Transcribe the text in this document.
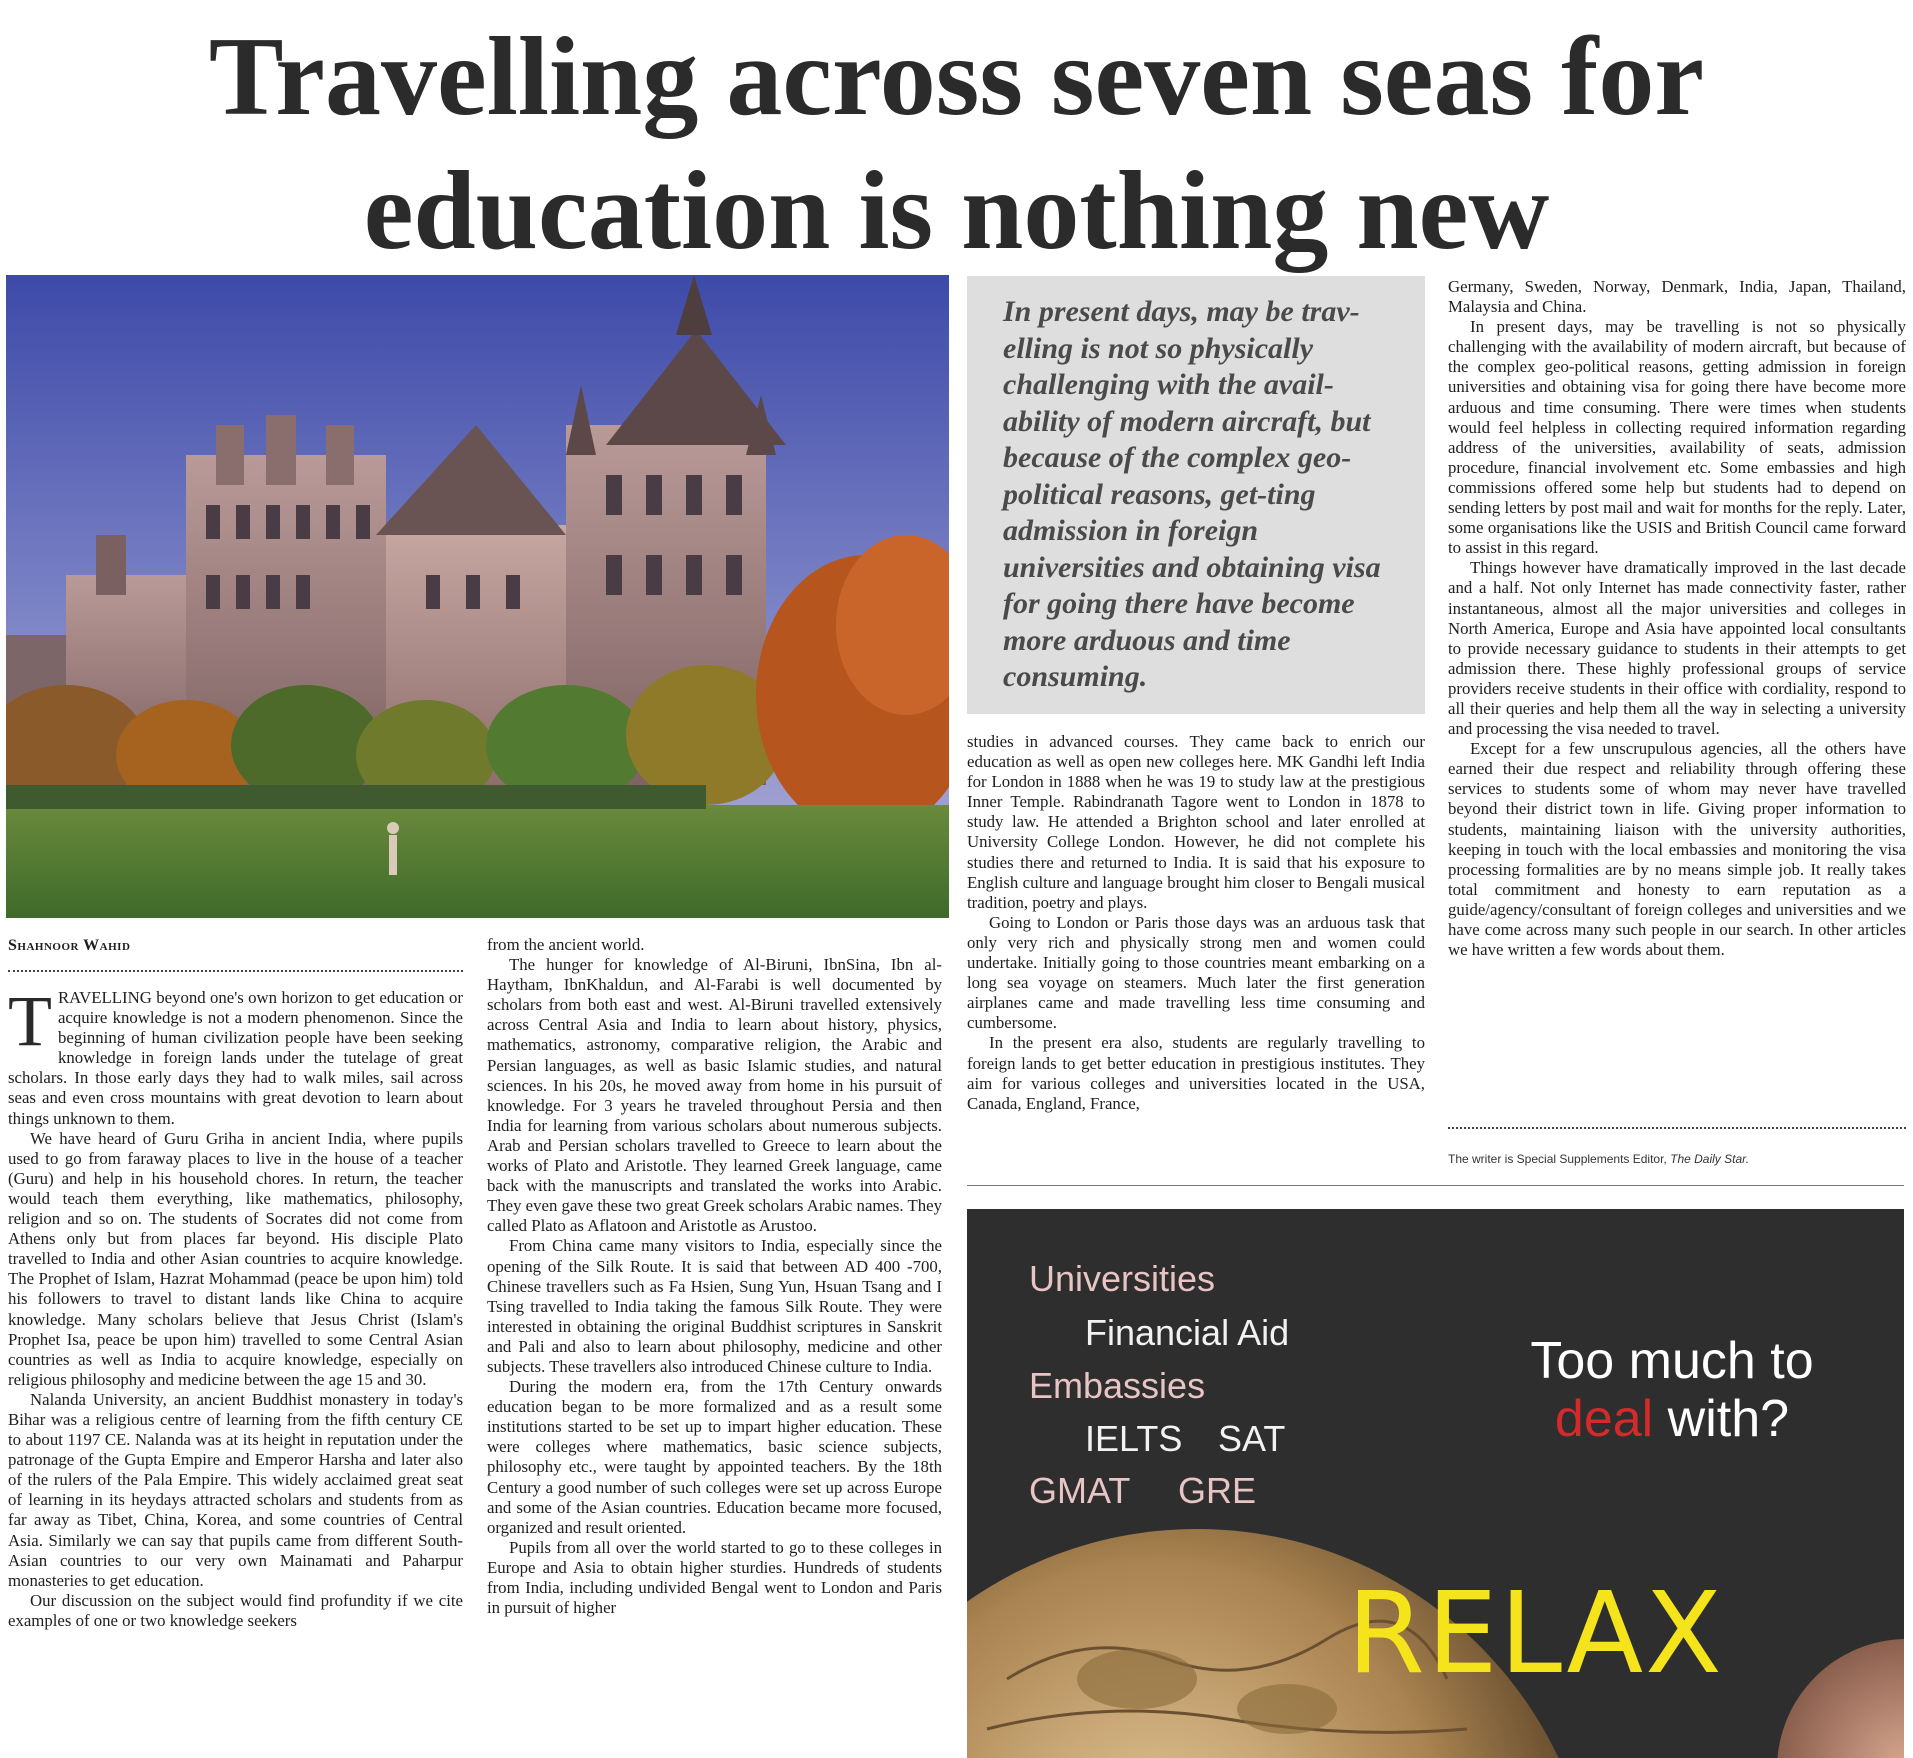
Travelling across seven seas for
education is nothing new
Shahnoor Wahid

TRAVELLING beyond one's own horizon to get education or acquire knowledge is not a modern phenomenon. Since the beginning of human civilization people have been seeking knowledge in foreign lands under the tutelage of great scholars. In those early days they had to walk miles, sail across seas and even cross mountains with great devotion to learn about things unknown to them.

We have heard of Guru Griha in ancient India, where pupils used to go from faraway places to live in the house of a teacher (Guru) and help in his household chores. In return, the teacher would teach them everything, like mathematics, philosophy, religion and so on. The students of Socrates did not come from Athens only but from places far beyond. His disciple Plato travelled to India and other Asian countries to acquire knowledge. The Prophet of Islam, Hazrat Mohammad (peace be upon him) told his followers to travel to distant lands like China to acquire knowledge. Many scholars believe that Jesus Christ (Islam's Prophet Isa, peace be upon him) travelled to some Central Asian countries as well as India to acquire knowledge, especially on religious philosophy and medicine between the age 15 and 30.

Nalanda University, an ancient Buddhist monastery in today's Bihar was a religious centre of learning from the fifth century CE to about 1197 CE. Nalanda was at its height in reputation under the patronage of the Gupta Empire and Emperor Harsha and later also of the rulers of the Pala Empire. This widely acclaimed great seat of learning in its heydays attracted scholars and students from as far away as Tibet, China, Korea, and some countries of Central Asia. Similarly we can say that pupils came from different South-Asian countries to our very own Mainamati and Paharpur monasteries to get education.

Our discussion on the subject would find profundity if we cite examples of one or two knowledge seekers

from the ancient world.

The hunger for knowledge of Al-Biruni, IbnSina, Ibn al-Haytham, IbnKhaldun, and Al-Farabi is well documented by scholars from both east and west. Al-Biruni travelled extensively across Central Asia and India to learn about history, physics, mathematics, astronomy, comparative religion, the Arabic and Persian languages, as well as basic Islamic studies, and natural sciences. In his 20s, he moved away from home in his pursuit of knowledge. For 3 years he traveled throughout Persia and then India for learning from various scholars about numerous subjects. Arab and Persian scholars travelled to Greece to learn about the works of Plato and Aristotle. They learned Greek language, came back with the manuscripts and translated the works into Arabic. They even gave these two great Greek scholars Arabic names. They called Plato as Aflatoon and Aristotle as Arustoo.

From China came many visitors to India, especially since the opening of the Silk Route. It is said that between AD 400 -700, Chinese travellers such as Fa Hsien, Sung Yun, Hsuan Tsang and I Tsing travelled to India taking the famous Silk Route. They were interested in obtaining the original Buddhist scriptures in Sanskrit and Pali and also to learn about philosophy, medicine and other subjects. These travellers also introduced Chinese culture to India.

During the modern era, from the 17th Century onwards education began to be more formalized and as a result some institutions started to be set up to impart higher education. These were colleges where mathematics, basic science subjects, philosophy etc., were taught by appointed teachers. By the 18th Century a good number of such colleges were set up across Europe and some of the Asian countries. Education became more focused, organized and result oriented.

Pupils from all over the world started to go to these colleges in Europe and Asia to obtain higher sturdies. Hundreds of students from India, including undivided Bengal went to London and Paris in pursuit of higher

In present days, may be trav-elling is not so physically challenging with the avail-ability of modern aircraft, but because of the complex geo-political reasons, get-ting admission in foreign universities and obtaining visa for going there have become more arduous and time consuming.

studies in advanced courses. They came back to enrich our education as well as open new colleges here. MK Gandhi left India for London in 1888 when he was 19 to study law at the prestigious Inner Temple. Rabindranath Tagore went to London in 1878 to study law. He attended a Brighton school and later enrolled at University College London. However, he did not complete his studies there and returned to India. It is said that his exposure to English culture and language brought him closer to Bengali musical tradition, poetry and plays.

Going to London or Paris those days was an arduous task that only very rich and physically strong men and women could undertake. Initially going to those countries meant embarking on a long sea voyage on steamers. Much later the first generation airplanes came and made travelling less time consuming and cumbersome.

In the present era also, students are regularly travelling to foreign lands to get better education in prestigious institutes. They aim for various colleges and universities located in the USA, Canada, England, France,

Germany, Sweden, Norway, Denmark, India, Japan, Thailand, Malaysia and China.

In present days, may be travelling is not so physically challenging with the availability of modern aircraft, but because of the complex geo-political reasons, getting admission in foreign universities and obtaining visa for going there have become more arduous and time consuming. There were times when students would feel helpless in collecting required information regarding address of the universities, availability of seats, admission procedure, financial involvement etc. Some embassies and high commissions offered some help but students had to depend on sending letters by post mail and wait for months for the reply. Later, some organisations like the USIS and British Council came forward to assist in this regard.

Things however have dramatically improved in the last decade and a half. Not only Internet has made connectivity faster, rather instantaneous, almost all the major universities and colleges in North America, Europe and Asia have appointed local consultants to provide necessary guidance to students in their attempts to get admission there. These highly professional groups of service providers receive students in their office with cordiality, respond to all their queries and help them all the way in selecting a university and processing the visa needed to travel.

Except for a few unscrupulous agencies, all the others have earned their due respect and reliability through offering these services to students some of whom may never have travelled beyond their district town in life. Giving proper information to students, maintaining liaison with the university authorities, keeping in touch with the local embassies and monitoring the visa processing formalities are by no means simple job. It really takes total commitment and honesty to earn reputation as a guide/agency/consultant of foreign colleges and universities and we have come across many such people in our search. In other articles we have written a few words about them.

The writer is Special Supplements Editor, The Daily Star.
Universities
Financial Aid
Embassies
IELTS SAT
GMAT GRE
Too much to
deal with?
RELAX
